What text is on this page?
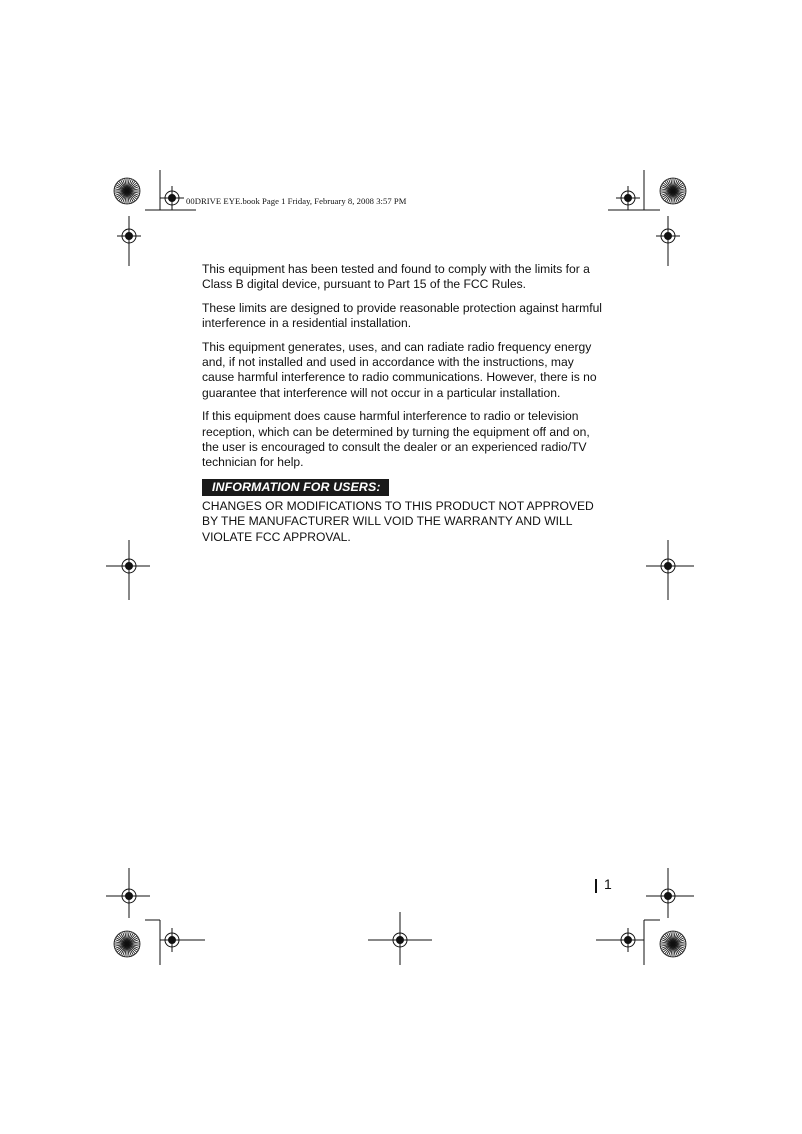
00DRIVE EYE.book Page 1 Friday, February 8, 2008 3:57 PM

This equipment has been tested and found to comply with the limits for a Class B digital device, pursuant to Part 15 of the FCC Rules.

These limits are designed to provide reasonable protection against harmful interference in a residential installation.

This equipment generates, uses, and can radiate radio frequency energy and, if not installed and used in accordance with the instructions, may cause harmful interference to radio communications. However, there is no guarantee that interference will not occur in a particular installation.

If this equipment does cause harmful interference to radio or television reception, which can be determined by turning the equipment off and on, the user is encouraged to consult the dealer or an experienced radio/TV technician for help.

INFORMATION FOR USERS:

CHANGES OR MODIFICATIONS TO THIS PRODUCT NOT APPROVED BY THE MANUFACTURER WILL VOID THE WARRANTY AND WILL VIOLATE FCC APPROVAL.

1
